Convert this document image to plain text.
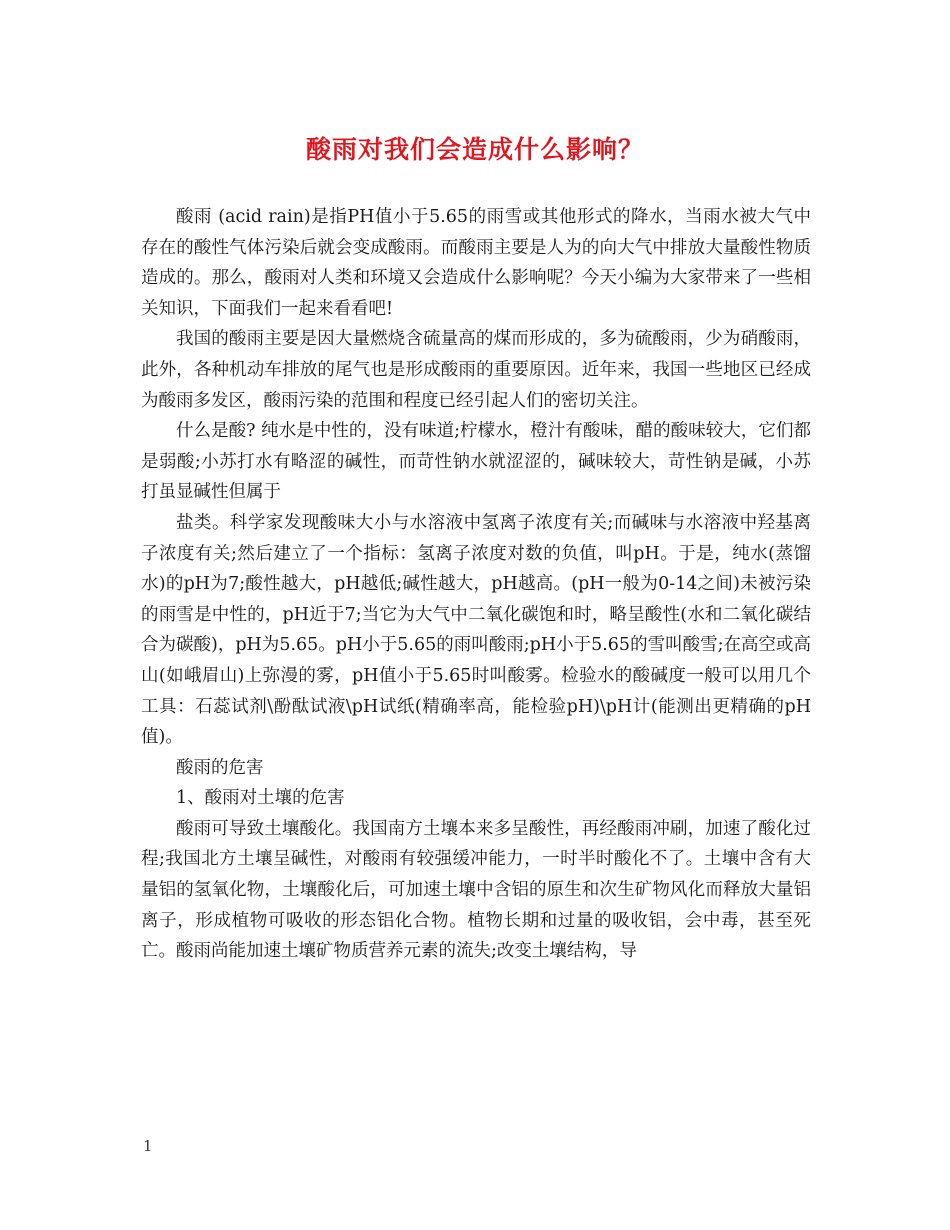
酸雨对我们会造成什么影响？

酸雨 (acid rain)是指PH值小于5.65的雨雪或其他形式的降水，当雨水被大气中存在的酸性气体污染后就会变成酸雨。而酸雨主要是人为的向大气中排放大量酸性物质造成的。那么，酸雨对人类和环境又会造成什么影响呢？今天小编为大家带来了一些相关知识，下面我们一起来看看吧!

我国的酸雨主要是因大量燃烧含硫量高的煤而形成的，多为硫酸雨，少为硝酸雨，此外，各种机动车排放的尾气也是形成酸雨的重要原因。近年来，我国一些地区已经成为酸雨多发区，酸雨污染的范围和程度已经引起人们的密切关注。

什么是酸? 纯水是中性的，没有味道;柠檬水，橙汁有酸味，醋的酸味较大，它们都是弱酸;小苏打水有略涩的碱性，而苛性钠水就涩涩的，碱味较大，苛性钠是碱，小苏打虽显碱性但属于

盐类。科学家发现酸味大小与水溶液中氢离子浓度有关;而碱味与水溶液中羟基离子浓度有关;然后建立了一个指标：氢离子浓度对数的负值，叫pH。于是，纯水(蒸馏水)的pH为7;酸性越大，pH越低;碱性越大，pH越高。(pH一般为0-14之间)未被污染的雨雪是中性的，pH近于7;当它为大气中二氧化碳饱和时，略呈酸性(水和二氧化碳结合为碳酸)，pH为5.65。pH小于5.65的雨叫酸雨;pH小于5.65的雪叫酸雪;在高空或高山(如峨眉山)上弥漫的雾，pH值小于5.65时叫酸雾。检验水的酸碱度一般可以用几个工具：石蕊试剂\酚酞试液\pH试纸(精确率高，能检验pH)\pH计(能测出更精确的pH值)。

酸雨的危害

1、酸雨对土壤的危害

酸雨可导致土壤酸化。我国南方土壤本来多呈酸性，再经酸雨冲刷，加速了酸化过程;我国北方土壤呈碱性，对酸雨有较强缓冲能力，一时半时酸化不了。土壤中含有大量铝的氢氧化物，土壤酸化后，可加速土壤中含铝的原生和次生矿物风化而释放大量铝离子，形成植物可吸收的形态铝化合物。植物长期和过量的吸收铝，会中毒，甚至死亡。酸雨尚能加速土壤矿物质营养元素的流失;改变土壤结构，导

1
